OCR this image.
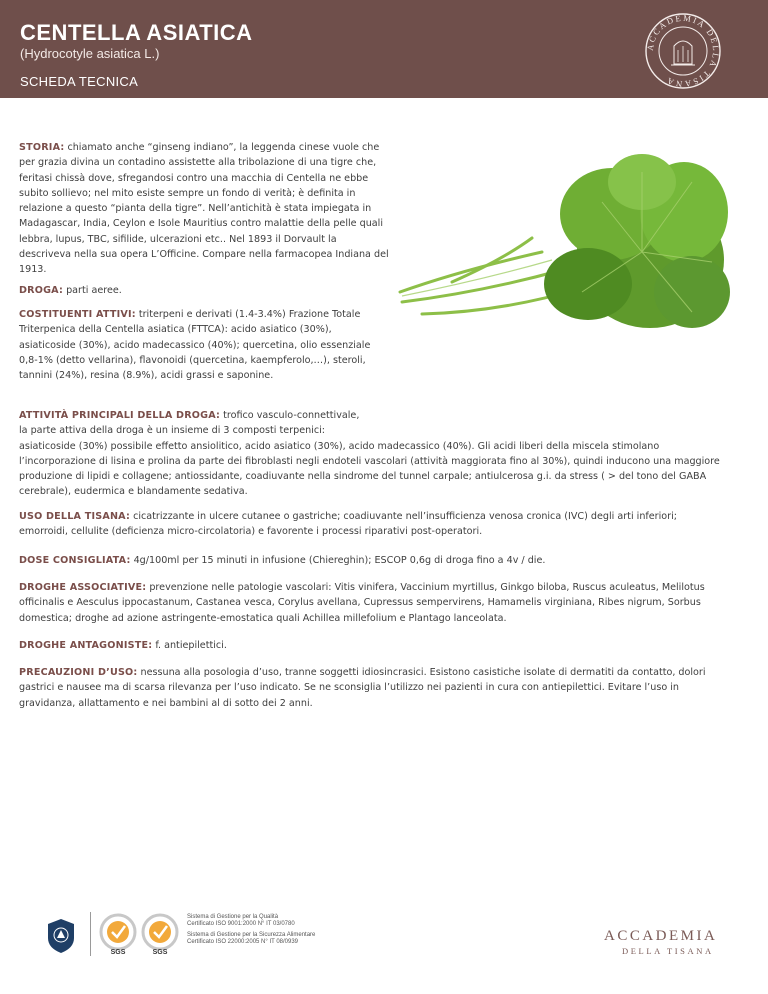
CENTELLA ASIATICA
(Hydrocotyle asiatica L.)
SCHEDA TECNICA
ACCADEMIA DELLA TISANA

STORIA: chiamato anche “ginseng indiano”, la leggenda cinese vuole che per grazia divina un contadino assistette alla tribolazione di una tigre che, feritasi chissà dove, sfregandosi contro una macchia di Centella ne ebbe subito sollievo; nel mito esiste sempre un fondo di verità; è definita in relazione a questo “pianta della tigre”. Nell’antichità è stata impiegata in Madagascar, India, Ceylon e Isole Mauritius contro malattie della pelle quali lebbra, lupus, TBC, sifilide, ulcerazioni etc.. Nel 1893 il Dorvault la descriveva nella sua opera L’Officine. Compare nella farmacopea Indiana del 1913.

DROGA: parti aeree.

COSTITUENTI ATTIVI: triterpeni e derivati (1.4-3.4%) Frazione Totale Triterpenica della Centella asiatica (FTTCA): acido asiatico (30%), asiaticoside (30%), acido madecassico (40%); quercetina, olio essenziale 0,8-1% (detto vellarina), flavonoidi (quercetina, kaempferolo,…), steroli, tannini (24%), resina (8.9%), acidi grassi e saponine.

ATTIVITÀ PRINCIPALI DELLA DROGA: trofico vasculo-connettivale,
la parte attiva della droga è un insieme di 3 composti terpenici:
asiaticoside (30%) possibile effetto ansiolitico, acido asiatico (30%), acido madecassico (40%). Gli acidi liberi della miscela stimolano l’incorporazione di lisina e prolina da parte dei fibroblasti negli endoteli vascolari (attività maggiorata fino al 30%), quindi inducono una maggiore produzione di lipidi e collagene; antiossidante, coadiuvante nella sindrome del tunnel carpale; antiulcerosa g.i. da stress ( > del tono del GABA cerebrale), eudermica e blandamente sedativa.

USO DELLA TISANA: cicatrizzante in ulcere cutanee o gastriche; coadiuvante nell’insufficienza venosa cronica (IVC) degli arti inferiori; emorroidi, cellulite (deficienza micro-circolatoria) e favorente i processi riparativi post-operatori.

DOSE CONSIGLIATA: 4g/100ml per 15 minuti in infusione (Chiereghin); ESCOP 0,6g di droga fino a 4v / die.

DROGHE ASSOCIATIVE: prevenzione nelle patologie vascolari: Vitis vinifera, Vaccinium myrtillus, Ginkgo biloba, Ruscus aculeatus, Melilotus officinalis e Aesculus ippocastanum, Castanea vesca, Corylus avellana, Cupressus sempervirens, Hamamelis virginiana, Ribes nigrum, Sorbus domestica; droghe ad azione astringente-emostatica quali Achillea millefolium e Plantago lanceolata.

DROGHE ANTAGONISTE: f. antiepilettici.

PRECAUZIONI D’USO: nessuna alla posologia d’uso, tranne soggetti idiosincrasici. Esistono casistiche isolate di dermatiti da contatto, dolori gastrici e nausee ma di scarsa rilevanza per l’uso indicato. Se ne sconsiglia l’utilizzo nei pazienti in cura con antiepilettici. Evitare l’uso in gravidanza, allattamento e nei bambini al di sotto dei 2 anni.

SGS	SGS
Sistema di Gestione per la Qualità
Certificato ISO 9001:2000 N° IT 03/0780
Sistema di Gestione per la Sicurezza Alimentare
Certificato ISO 22000:2005 N° IT 08/0939	ACCADEMIA
DELLA TISANA
